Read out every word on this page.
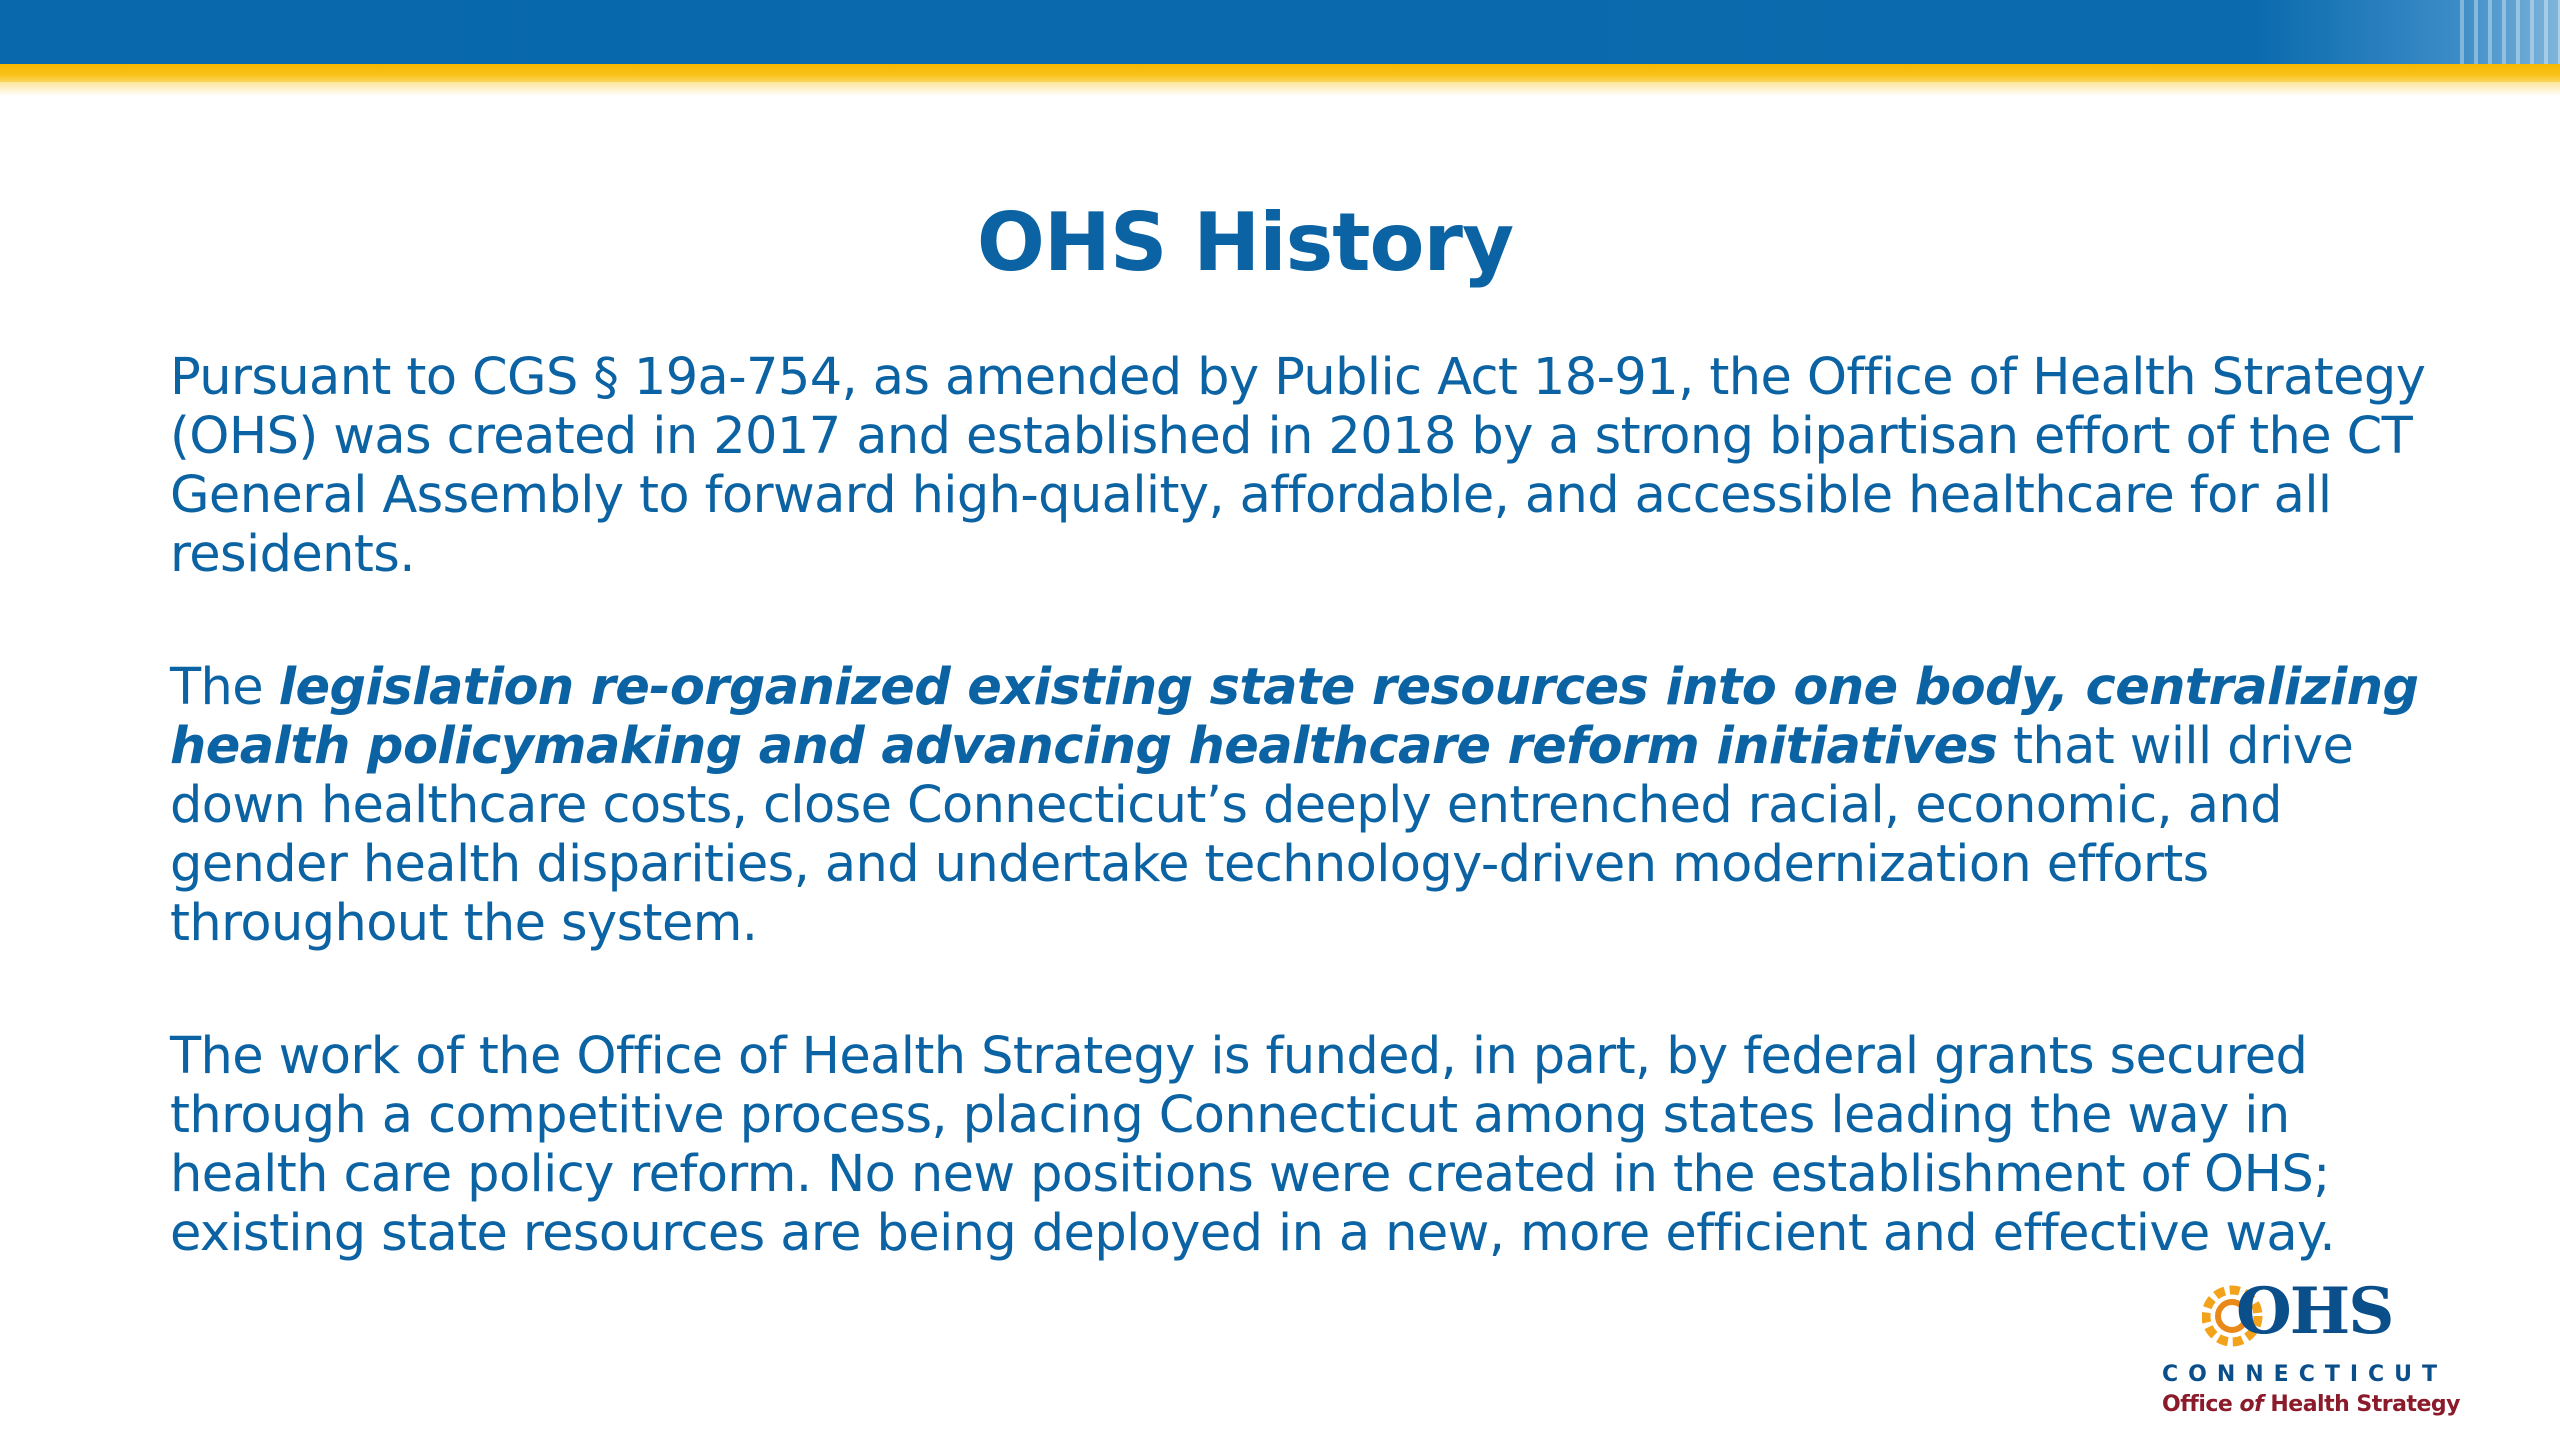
OHS History

Pursuant to CGS § 19a-754, as amended by Public Act 18-91, the Office of Health Strategy (OHS) was created in 2017 and established in 2018 by a strong bipartisan effort of the CT General Assembly to forward high-quality, affordable, and accessible healthcare for all residents.

The legislation re-organized existing state resources into one body, centralizing health policymaking and advancing healthcare reform initiatives that will drive down healthcare costs, close Connecticut’s deeply entrenched racial, economic, and gender health disparities, and undertake technology-driven modernization efforts throughout the system.

The work of the Office of Health Strategy is funded, in part, by federal grants secured through a competitive process, placing Connecticut among states leading the way in health care policy reform. No new positions were created in the establishment of OHS; existing state resources are being deployed in a new, more efficient and effective way.

OHS
CONNECTICUT
Office of Health Strategy
